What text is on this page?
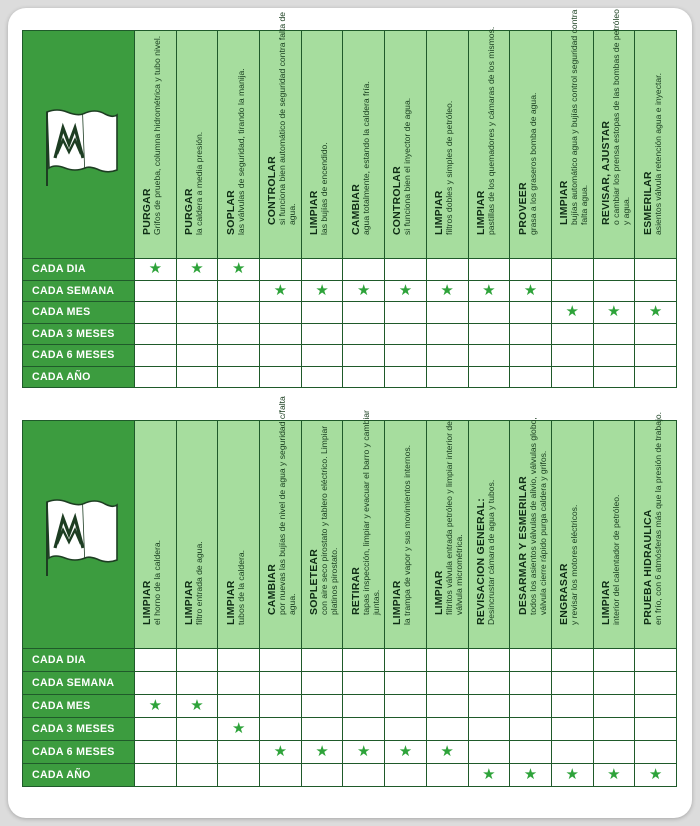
PURGAR Grifos de prueba, columna hidrométrica y tubo nivel.	PURGAR la caldera a media presión.	SOPLAR las válvulas de seguridad, tirando la manija.	CONTROLAR si funciona bien automático de seguridad contra falta de agua.	LIMPIAR las bujías de encendido.	CAMBIAR agua totalmente, estando la caldera fría.	CONTROLAR si funciona bien el inyector de agua.	LIMPIAR filtros dobles y simples de petróleo.	LIMPIAR pastillas de los quemadores y cámaras de los mismos.	PROVEER grasa a los graseros bomba de agua.	LIMPIAR bujías automático agua y bujías control seguridad contra falta agua.	REVISAR, AJUSTAR o cambiar los prensa estopas de las bombas de petróleo y agua.	ESMERILAR asientos válvula retención agua e inyectar.

CADA DIA	★	★	★										
CADA SEMANA				★	★	★	★	★	★	★			
CADA MES											★	★	★
CADA 3 MESES													
CADA 6 MESES													
CADA AÑO													

LIMPIAR el horno de la caldera.	LIMPIAR filtro entrada de agua.	LIMPIAR tubos de la caldera.	CAMBIAR por nuevas las bujías de nivel de agua y seguridad c/falta agua.	SOPLETEAR con aire seco pirostato y tablero eléctrico. Limpiar platinos pirostato.	RETIRAR tapas inspección, limpiar y evacuar el barro y cambiar juntas.	LIMPIAR la trampa de vapor y sus movimientos internos.	LIMPIAR filtritos válvula entrada petróleo y limpiar interior de válvula micrométrica.	REVISACION GENERAL: Desincrustar cámara de agua y tubos.	DESARMAR Y ESMERILAR todos los asientos válvulas de alivio, válvulas globo, válvula cierre rápido purga caldera y grifos.	ENGRASAR y revisar los motores eléctricos.	LIMPIAR interior del calentador de petróleo.	PRUEBA HIDRAULICA en frío, con 6 atmósferas más que la presión de trabajo.

CADA DIA													
CADA SEMANA													
CADA MES	★	★											
CADA 3 MESES			★										
CADA 6 MESES				★	★	★	★	★					
CADA AÑO									★	★	★	★	★
